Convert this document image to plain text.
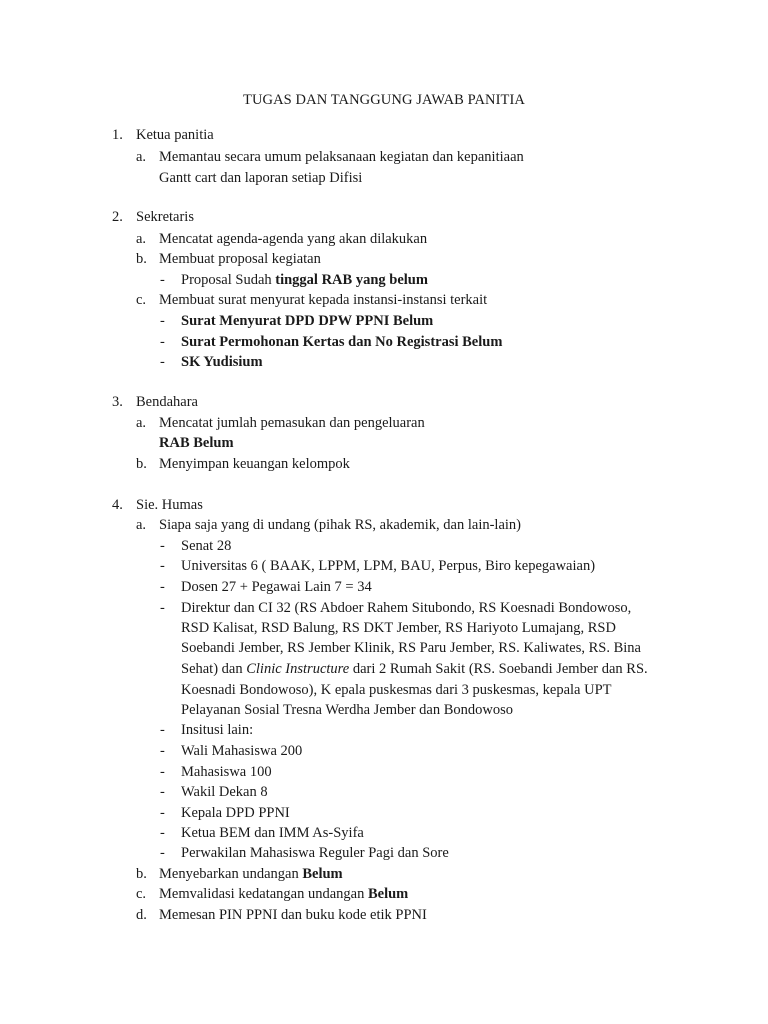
TUGAS DAN TANGGUNG JAWAB PANITIA
1. Ketua panitia
a. Memantau secara umum pelaksanaan kegiatan dan kepanitiaan
Gantt cart dan laporan setiap Difisi
2. Sekretaris
a. Mencatat agenda-agenda yang akan dilakukan
b. Membuat proposal kegiatan
- Proposal Sudah tinggal RAB yang belum
c. Membuat surat menyurat kepada instansi-instansi terkait
- Surat Menyurat DPD DPW PPNI Belum
- Surat Permohonan Kertas dan No Registrasi Belum
- SK Yudisium
3. Bendahara
a. Mencatat jumlah pemasukan dan pengeluaran
RAB Belum
b. Menyimpan keuangan kelompok
4. Sie. Humas
a. Siapa saja yang di undang (pihak RS, akademik, dan lain-lain)
- Senat 28
- Universitas 6 ( BAAK, LPPM, LPM, BAU, Perpus, Biro kepegawaian)
- Dosen 27 + Pegawai Lain 7 = 34
- Direktur dan CI 32 (RS Abdoer Rahem Situbondo, RS Koesnadi Bondowoso,
RSD Kalisat, RSD Balung, RS DKT Jember, RS Hariyoto Lumajang, RSD
Soebandi Jember, RS Jember Klinik, RS Paru Jember, RS. Kaliwates, RS. Bina
Sehat) dan Clinic Instructure dari 2 Rumah Sakit (RS. Soebandi Jember dan RS.
Koesnadi Bondowoso), K epala puskesmas dari 3 puskesmas, kepala UPT
Pelayanan Sosial Tresna Werdha Jember dan Bondowoso
- Insitusi lain:
- Wali Mahasiswa 200
- Mahasiswa 100
- Wakil Dekan 8
- Kepala DPD PPNI
- Ketua BEM dan IMM As-Syifa
- Perwakilan Mahasiswa Reguler Pagi dan Sore
b. Menyebarkan undangan Belum
c. Memvalidasi kedatangan undangan Belum
d. Memesan PIN PPNI dan buku kode etik PPNI
